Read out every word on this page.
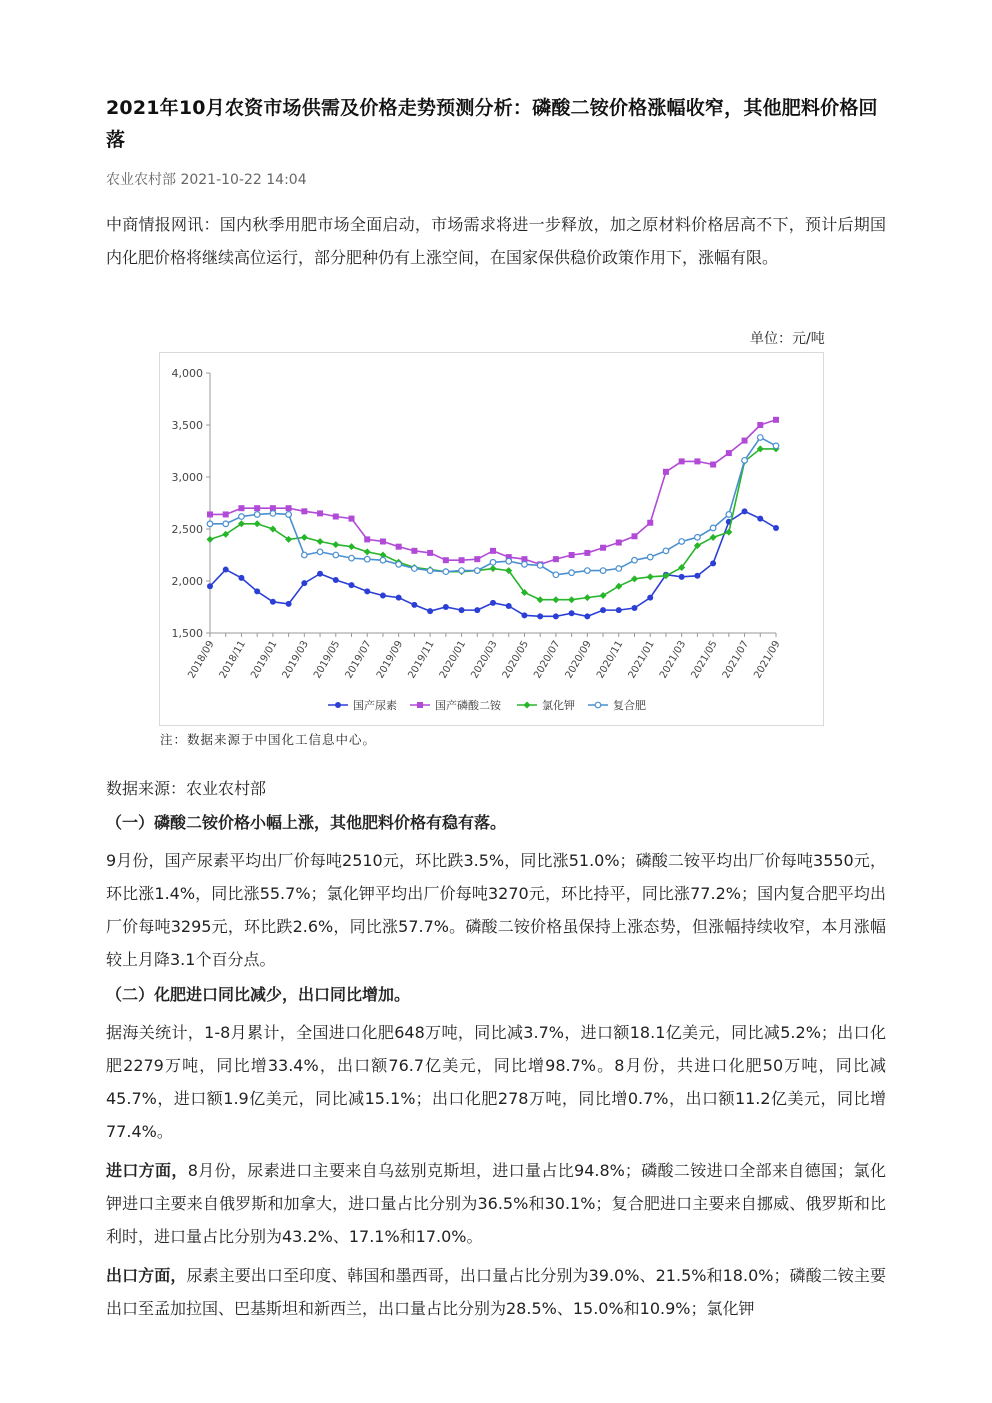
2021年10月农资市场供需及价格走势预测分析：磷酸二铵价格涨幅收窄，其他肥料价格回落
农业农村部 2021-10-22 14:04

中商情报网讯：国内秋季用肥市场全面启动，市场需求将进一步释放，加之原材料价格居高不下，预计后期国内化肥价格将继续高位运行，部分肥种仍有上涨空间，在国家保供稳价政策作用下，涨幅有限。

单位：元/吨
4,000
3,500
3,000
2,500
2,000
1,500
2018/09 2018/11 2019/01 2019/03 2019/05 2019/07 2019/09 2019/11 2020/01 2020/03 2020/05 2020/07 2020/09 2020/11 2021/01 2021/03 2021/05 2021/07 2021/09
国产尿素	国产磷酸二铵	氯化钾	复合肥
注：数据来源于中国化工信息中心。

数据来源：农业农村部

（一）磷酸二铵价格小幅上涨，其他肥料价格有稳有落。

9月份，国产尿素平均出厂价每吨2510元，环比跌3.5%，同比涨51.0%；磷酸二铵平均出厂价每吨3550元，环比涨1.4%，同比涨55.7%；氯化钾平均出厂价每吨3270元，环比持平，同比涨77.2%；国内复合肥平均出厂价每吨3295元，环比跌2.6%，同比涨57.7%。磷酸二铵价格虽保持上涨态势，但涨幅持续收窄，本月涨幅较上月降3.1个百分点。

（二）化肥进口同比减少，出口同比增加。

据海关统计，1-8月累计，全国进口化肥648万吨，同比减3.7%，进口额18.1亿美元，同比减5.2%；出口化肥2279万吨，同比增33.4%，出口额76.7亿美元，同比增98.7%。8月份，共进口化肥50万吨，同比减45.7%，进口额1.9亿美元，同比减15.1%；出口化肥278万吨，同比增0.7%，出口额11.2亿美元，同比增77.4%。

进口方面，8月份，尿素进口主要来自乌兹别克斯坦，进口量占比94.8%；磷酸二铵进口全部来自德国；氯化钾进口主要来自俄罗斯和加拿大，进口量占比分别为36.5%和30.1%；复合肥进口主要来自挪威、俄罗斯和比利时，进口量占比分别为43.2%、17.1%和17.0%。

出口方面，尿素主要出口至印度、韩国和墨西哥，出口量占比分别为39.0%、21.5%和18.0%；磷酸二铵主要出口至孟加拉国、巴基斯坦和新西兰，出口量占比分别为28.5%、15.0%和10.9%；氯化钾
